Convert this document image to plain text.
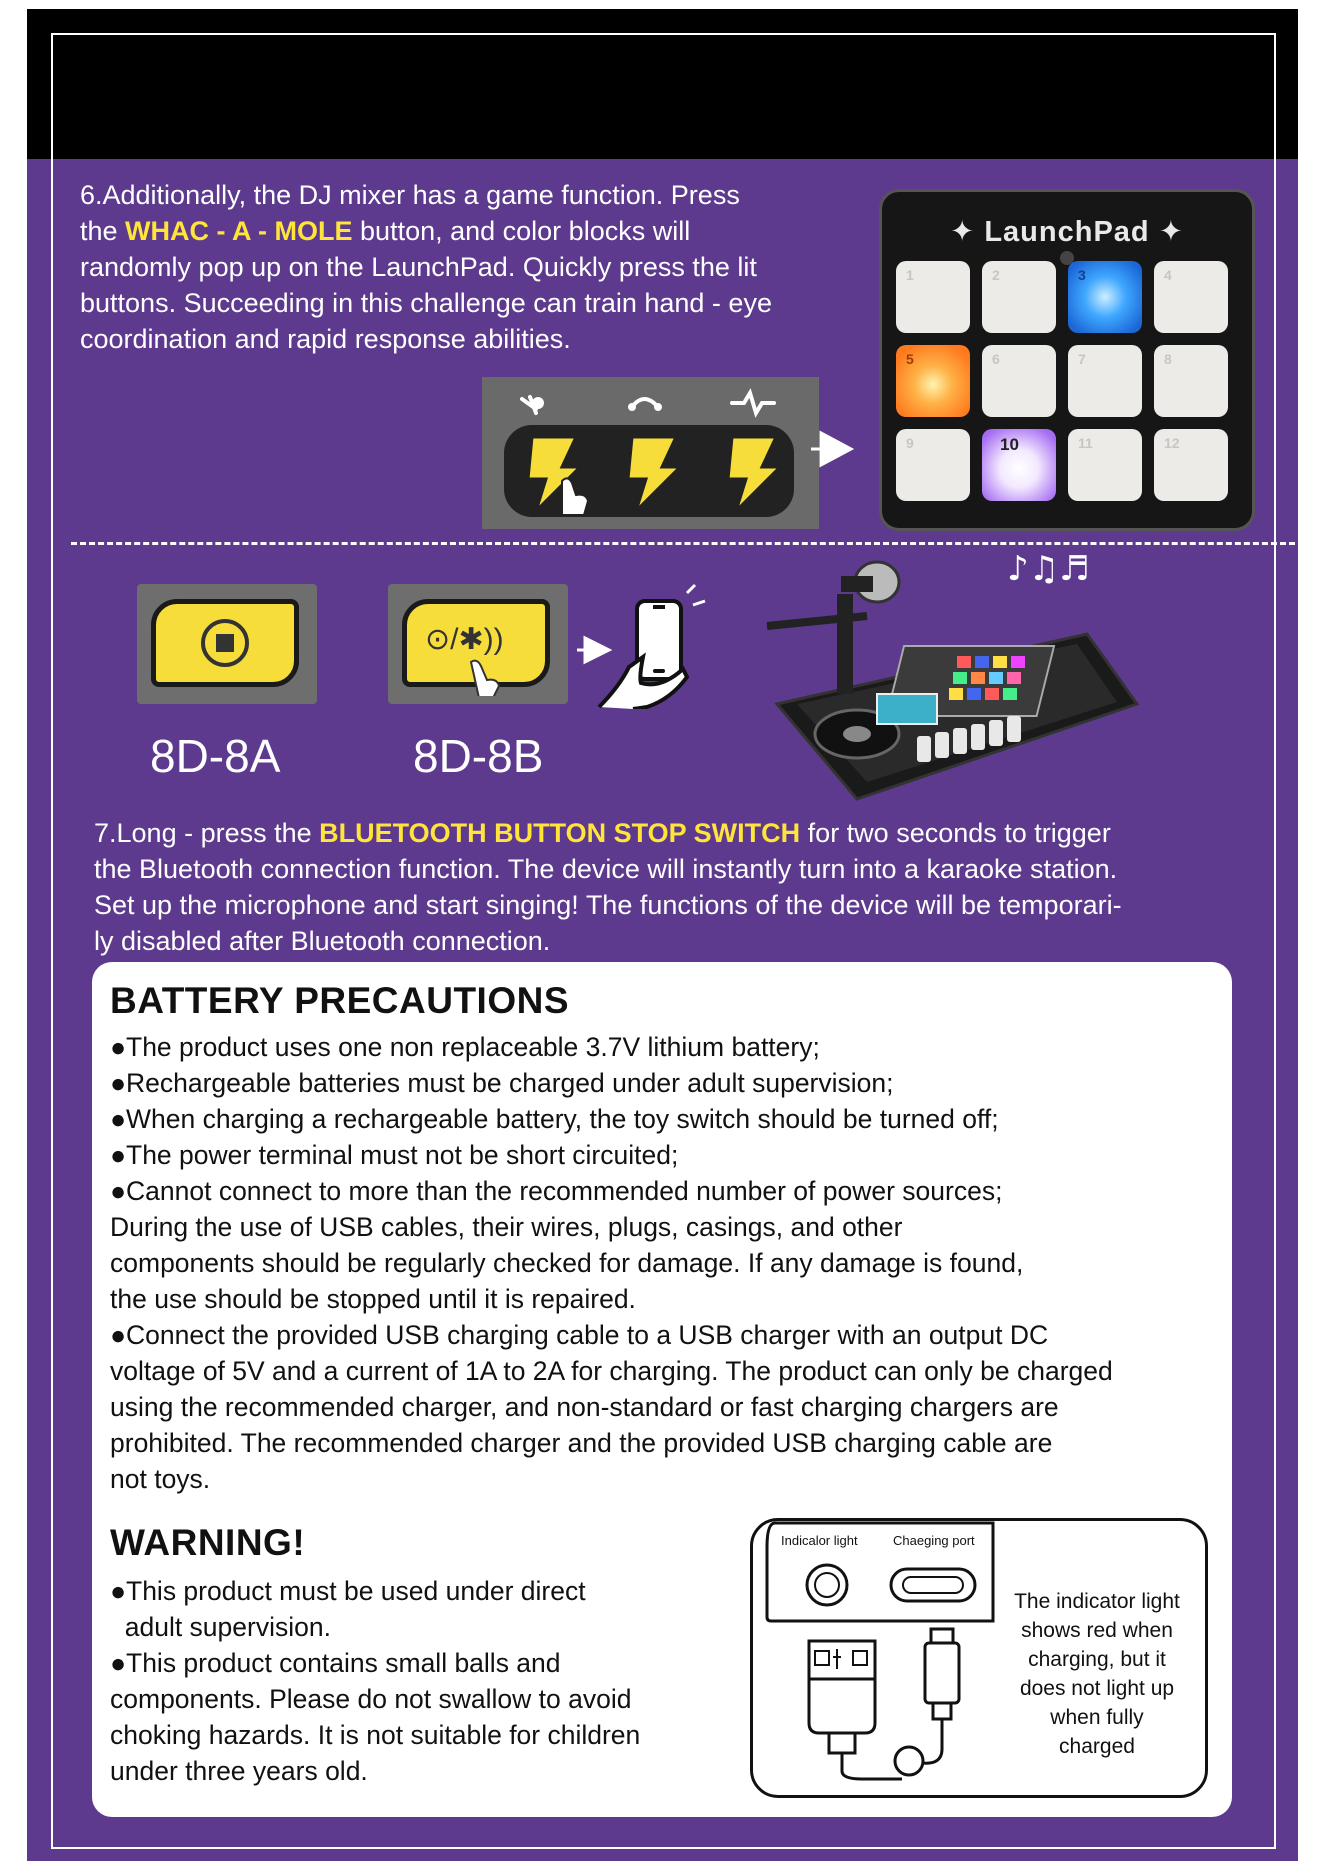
6.Additionally, the DJ mixer has a game function. Press
the WHAC - A - MOLE button, and color blocks will
randomly pop up on the LaunchPad. Quickly press the lit
buttons. Succeeding in this challenge can train hand - eye
coordination and rapid response abilities.
✦ LaunchPad ✦
1	2	3	4
5	6	7	8
9	10	11	12
8D-8A
⊙/✱))
8D-8B
♪♫♬
7.Long - press the BLUETOOTH BUTTON STOP SWITCH for two seconds to trigger
the Bluetooth connection function. The device will instantly turn into a karaoke station.
Set up the microphone and start singing! The functions of the device will be temporari-
ly disabled after Bluetooth connection.
BATTERY PRECAUTIONS
●The product uses one non replaceable 3.7V lithium battery;
●Rechargeable batteries must be charged under adult supervision;
●When charging a rechargeable battery, the toy switch should be turned off;
●The power terminal must not be short circuited;
●Cannot connect to more than the recommended number of power sources;
During the use of USB cables, their wires, plugs, casings, and other
components should be regularly checked for damage. If any damage is found,
the use should be stopped until it is repaired.
●Connect the provided USB charging cable to a USB charger with an output DC
voltage of 5V and a current of 1A to 2A for charging. The product can only be charged
using the recommended charger, and non-standard or fast charging chargers are
prohibited. The recommended charger and the provided USB charging cable are
not toys.
WARNING!
●This product must be used under direct
adult supervision.
●This product contains small balls and
components. Please do not swallow to avoid
choking hazards. It is not suitable for children
under three years old.
Indicalor light	Chaeging port
The indicator light
shows red when
charging, but it
does not light up
when fully
charged
